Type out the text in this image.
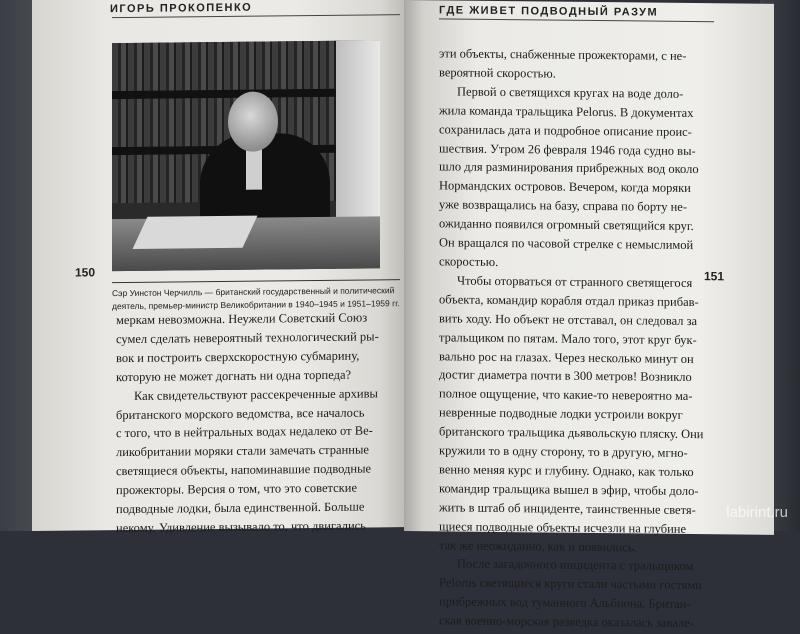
ИГОРЬ ПРОКОПЕНКО
150
Сэр Уинстон Черчилль — британский государственный и политический
деятель, премьер-министр Великобритании в 1940–1945 и 1951–1959 гг.

меркам невозможна. Неужели Советский Союз

сумел сделать невероятный технологический ры-

вок и построить сверхскоростную субмарину,

которую не может догнать ни одна торпеда?

Как свидетельствуют рассекреченные архивы

британского морского ведомства, все началось

с того, что в нейтральных водах недалеко от Ве-

ликобритании моряки стали замечать странные

светящиеся объекты, напоминавшие подводные

прожекторы. Версия о том, что это советские

подводные лодки, была единственной. Больше

некому. Удивление вызывало то, что двигались

ГДЕ ЖИВЕТ ПОДВОДНЫЙ РАЗУМ
151

эти объекты, снабженные прожекторами, с не-

вероятной скоростью.

Первой о светящихся кругах на воде доло-

жила команда тральщика Pelorus. В документах

сохранилась дата и подробное описание проис-

шествия. Утром 26 февраля 1946 года судно вы-

шло для разминирования прибрежных вод около

Нормандских островов. Вечером, когда моряки

уже возвращались на базу, справа по борту не-

ожиданно появился огромный светящийся круг.

Он вращался по часовой стрелке с немыслимой

скоростью.

Чтобы оторваться от странного светящегося

объекта, командир корабля отдал приказ прибав-

вить ходу. Но объект не отставал, он следовал за

тральщиком по пятам. Мало того, этот круг бук-

вально рос на глазах. Через несколько минут он

достиг диаметра почти в 300 метров! Возникло

полное ощущение, что какие-то невероятно ма-

невренные подводные лодки устроили вокруг

британского тральщика дьявольскую пляску. Они

кружили то в одну сторону, то в другую, мгно-

венно меняя курс и глубину. Однако, как только

командир тральщика вышел в эфир, чтобы доло-

жить в штаб об инциденте, таинственные светя-

щиеся подводные объекты исчезли на глубине

так же неожиданно, как и появились.

После загадочного инцидента с тральщиком

Pelorus светящиеся круги стали частыми гостями

прибрежных вод туманного Альбиона. Британ-

ская военно-морская разведка оказалась завале-

labirint.ru
